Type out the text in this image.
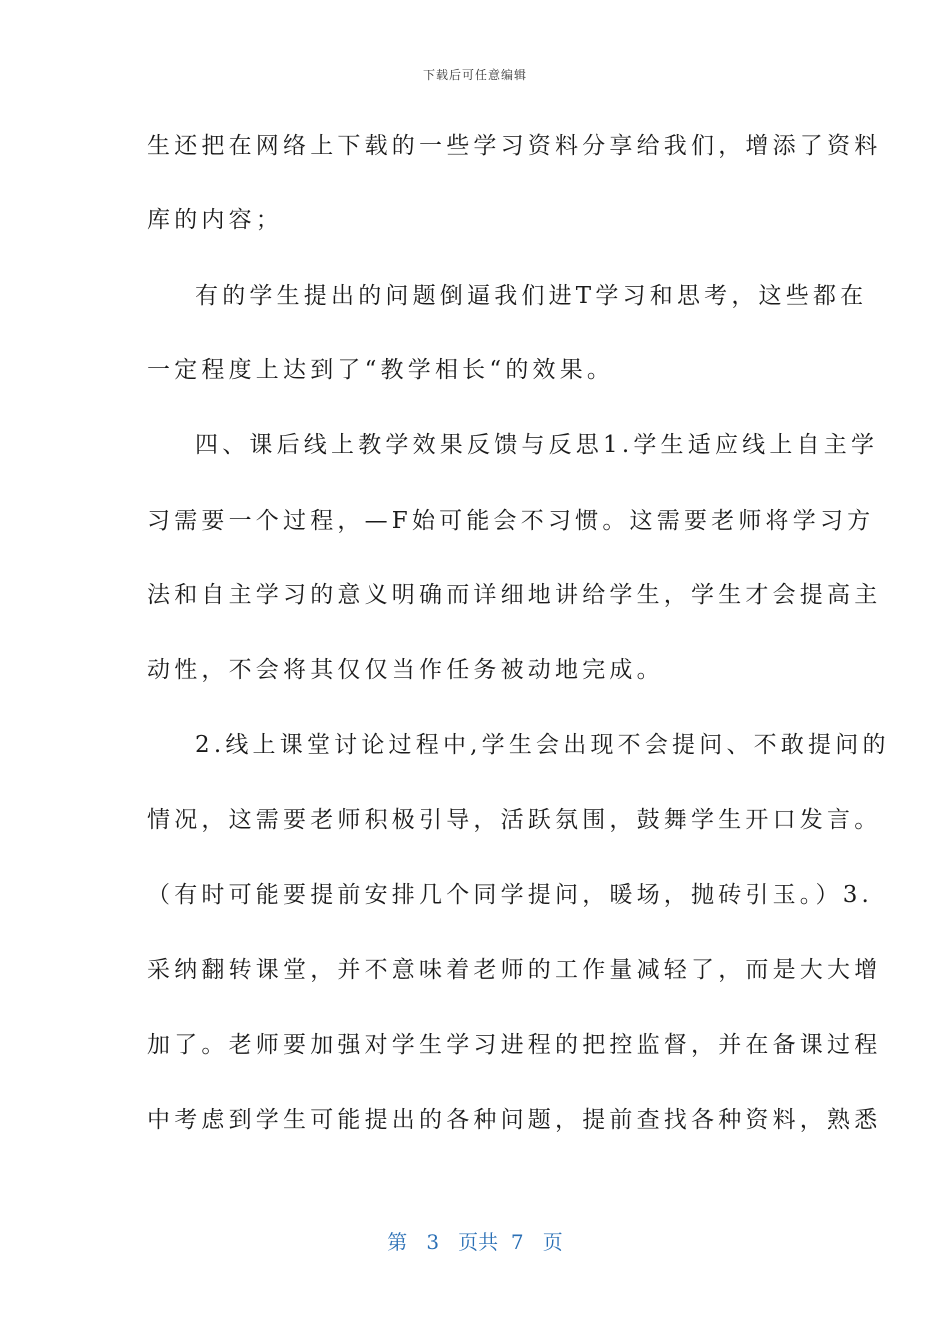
下载后可任意编辑
生还把在网络上下载的一些学习资料分享给我们，增添了资料
库的内容；
有的学生提出的问题倒逼我们进T学习和思考，这些都在
一定程度上达到了“教学相长“的效果。
四、课后线上教学效果反馈与反思1.学生适应线上自主学
习需要一个过程，—F始可能会不习惯。这需要老师将学习方
法和自主学习的意义明确而详细地讲给学生，学生才会提高主
动性，不会将其仅仅当作任务被动地完成。
2.线上课堂讨论过程中,学生会出现不会提问、不敢提问的
情况，这需要老师积极引导，活跃氛围，鼓舞学生开口发言。
（有时可能要提前安排几个同学提问，暖场，抛砖引玉。）3.
采纳翻转课堂，并不意味着老师的工作量减轻了，而是大大增
加了。老师要加强对学生学习进程的把控监督，并在备课过程
中考虑到学生可能提出的各种问题，提前查找各种资料，熟悉
第 3 页共 7 页
